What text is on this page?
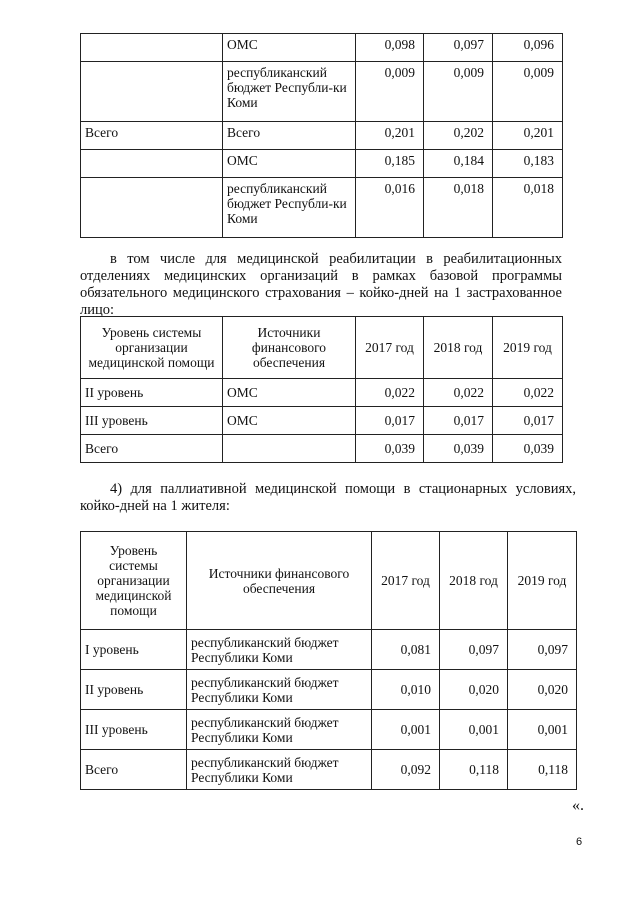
	ОМС	0,098	0,097	0,096
	республиканский бюджет Республи-ки Коми	0,009	0,009	0,009
Всего	Всего	0,201	0,202	0,201
	ОМС	0,185	0,184	0,183
	республиканский бюджет Республи-ки Коми	0,016	0,018	0,018

в том числе для медицинской реабилитации в реабилитационных отделениях медицинских организаций в рамках базовой программы обязательного медицинского страхования – койко-дней на 1 застрахованное лицо:

Уровень системы организации медицинской помощи	Источники финансового обеспечения	2017 год	2018 год	2019 год
II уровень	ОМС	0,022	0,022	0,022
III уровень	ОМС	0,017	0,017	0,017
Всего		0,039	0,039	0,039

4) для паллиативной медицинской помощи в стационарных условиях, койко-дней на 1 жителя:

Уровень системы организации медицинской помощи	Источники финансового обеспечения	2017 год	2018 год	2019 год
I уровень	республиканский бюджет Республики Коми	0,081	0,097	0,097
II уровень	республиканский бюджет Республики Коми	0,010	0,020	0,020
III уровень	республиканский бюджет Республики Коми	0,001	0,001	0,001
Всего	республиканский бюджет Республики Коми	0,092	0,118	0,118
«.
6
